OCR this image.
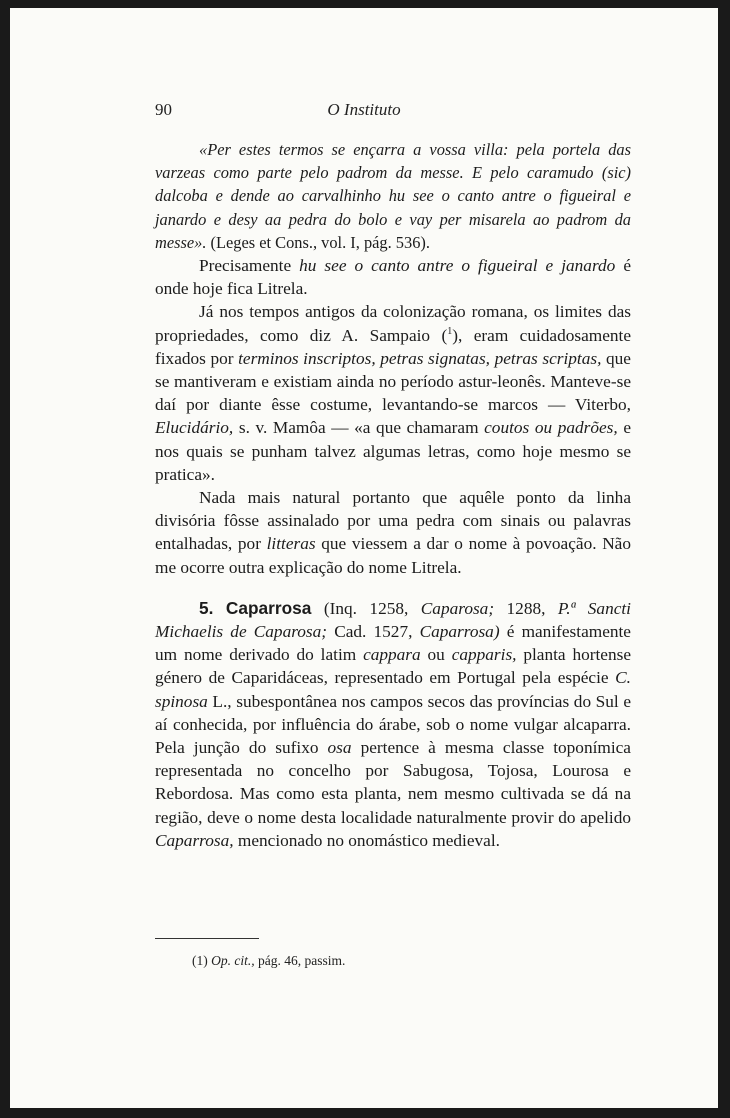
90	O Instituto

«Per estes termos se ençarra a vossa villa: pela portela das varzeas como parte pelo padrom da messe. E pelo caramudo (sic) dalcoba e dende ao carvalhinho hu see o canto antre o figueiral e janardo e desy aa pedra do bolo e vay per misarela ao padrom da messe». (Leges et Cons., vol. I, pág. 536).

Precisamente hu see o canto antre o figueiral e janardo é onde hoje fica Litrela.

Já nos tempos antigos da colonização romana, os limites das propriedades, como diz A. Sampaio ($^1$), eram cuidadosamente fixados por terminos inscriptos, petras signatas, petras scriptas, que se mantiveram e existiam ainda no período astur-leonês. Manteve-se daí por diante êsse costume, levantando-se marcos — Viterbo, Elucidário, s. v. Mamôa — «a que chamaram coutos ou padrões, e nos quais se punham talvez algumas letras, como hoje mesmo se pratica».

Nada mais natural portanto que aquêle ponto da linha divisória fôsse assinalado por uma pedra com sinais ou palavras entalhadas, por litteras que viessem a dar o nome à povoação. Não me ocorre outra explicação do nome Litrela.

5. Caparrosa (Inq. 1258, Caparosa; 1288, P.ª Sancti Michaelis de Caparosa; Cad. 1527, Caparrosa) é manifestamente um nome derivado do latim cappara ou capparis, planta hortense género de Caparidáceas, representado em Portugal pela espécie C. spinosa L., subespontânea nos campos secos das províncias do Sul e aí conhecida, por influência do árabe, sob o nome vulgar alcaparra. Pela junção do sufixo osa pertence à mesma classe toponímica representada no concelho por Sabugosa, Tojosa, Lourosa e Rebordosa. Mas como esta planta, nem mesmo cultivada se dá na região, deve o nome desta localidade naturalmente provir do apelido Caparrosa, mencionado no onomástico medieval.

(1) Op. cit., pág. 46, passim.
